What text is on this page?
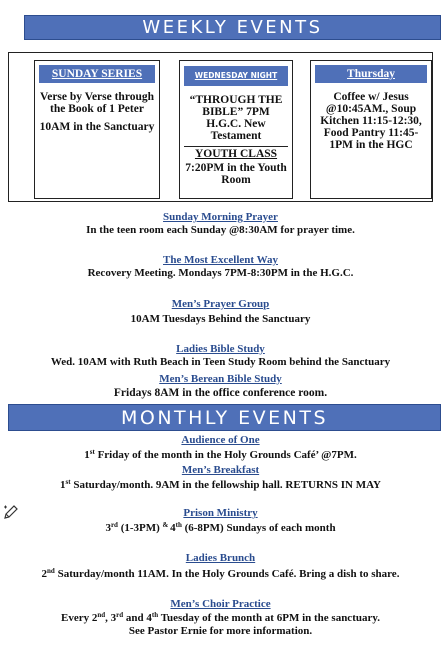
WEEKLY EVENTS
SUNDAY SERIES
Verse by Verse through the Book of 1 Peter
10AM in the Sanctuary
WEDNESDAY NIGHT
“THROUGH THE BIBLE” 7PM H.G.C. New Testament
YOUTH CLASS
7:20PM in the Youth Room
Thursday
Coffee w/ Jesus @10:45AM., Soup Kitchen 11:15-12:30, Food Pantry 11:45-1PM in the HGC
Sunday Morning Prayer
In the teen room each Sunday @8:30AM for prayer time.
The Most Excellent Way
Recovery Meeting. Mondays 7PM-8:30PM in the H.G.C.
Men’s Prayer Group
10AM Tuesdays Behind the Sanctuary
Ladies Bible Study
Wed. 10AM with Ruth Beach in Teen Study Room behind the Sanctuary
Men’s Berean Bible Study
Fridays 8AM in the office conference room.
MONTHLY EVENTS
Audience of One
1st Friday of the month in the Holy Grounds Café’ @7PM.
Men’s Breakfast
1st Saturday/month. 9AM in the fellowship hall. RETURNS IN MAY
Prison Ministry
3rd (1-3PM) & 4th (6-8PM) Sundays of each month
Ladies Brunch
2nd Saturday/month 11AM. In the Holy Grounds Café. Bring a dish to share.
Men’s Choir Practice
Every 2nd, 3rd and 4th Tuesday of the month at 6PM in the sanctuary.
See Pastor Ernie for more information.
